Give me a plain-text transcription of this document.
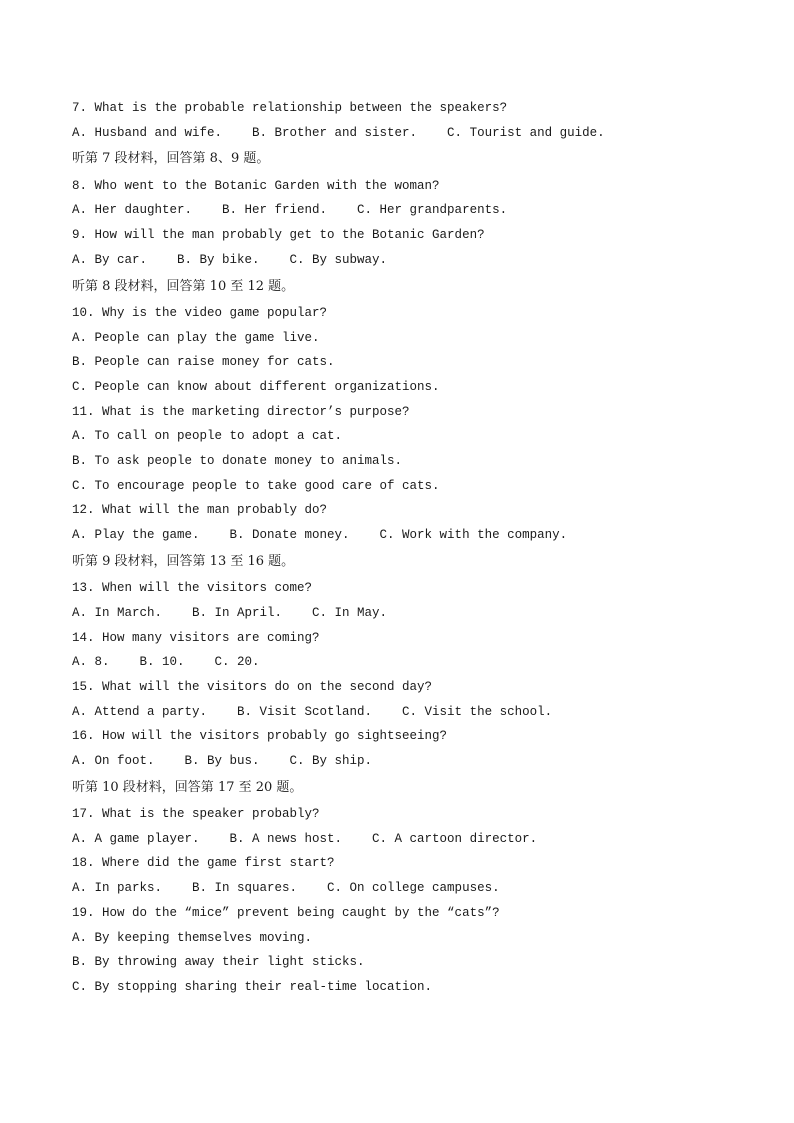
7. What is the probable relationship between the speakers?
A. Husband and wife.    B. Brother and sister.    C. Tourist and guide.
听第 7 段材料，回答第 8、9 题。
8. Who went to the Botanic Garden with the woman?
A. Her daughter.    B. Her friend.    C. Her grandparents.
9. How will the man probably get to the Botanic Garden?
A. By car.    B. By bike.    C. By subway.
听第 8 段材料，回答第 10 至 12 题。
10. Why is the video game popular?
A. People can play the game live.
B. People can raise money for cats.
C. People can know about different organizations.
11. What is the marketing director’s purpose?
A. To call on people to adopt a cat.
B. To ask people to donate money to animals.
C. To encourage people to take good care of cats.
12. What will the man probably do?
A. Play the game.    B. Donate money.    C. Work with the company.
听第 9 段材料，回答第 13 至 16 题。
13. When will the visitors come?
A. In March.    B. In April.    C. In May.
14. How many visitors are coming?
A. 8.    B. 10.    C. 20.
15. What will the visitors do on the second day?
A. Attend a party.    B. Visit Scotland.    C. Visit the school.
16. How will the visitors probably go sightseeing?
A. On foot.    B. By bus.    C. By ship.
听第 10 段材料，回答第 17 至 20 题。
17. What is the speaker probably?
A. A game player.    B. A news host.    C. A cartoon director.
18. Where did the game first start?
A. In parks.    B. In squares.    C. On college campuses.
19. How do the “mice” prevent being caught by the “cats”?
A. By keeping themselves moving.
B. By throwing away their light sticks.
C. By stopping sharing their real-time location.
